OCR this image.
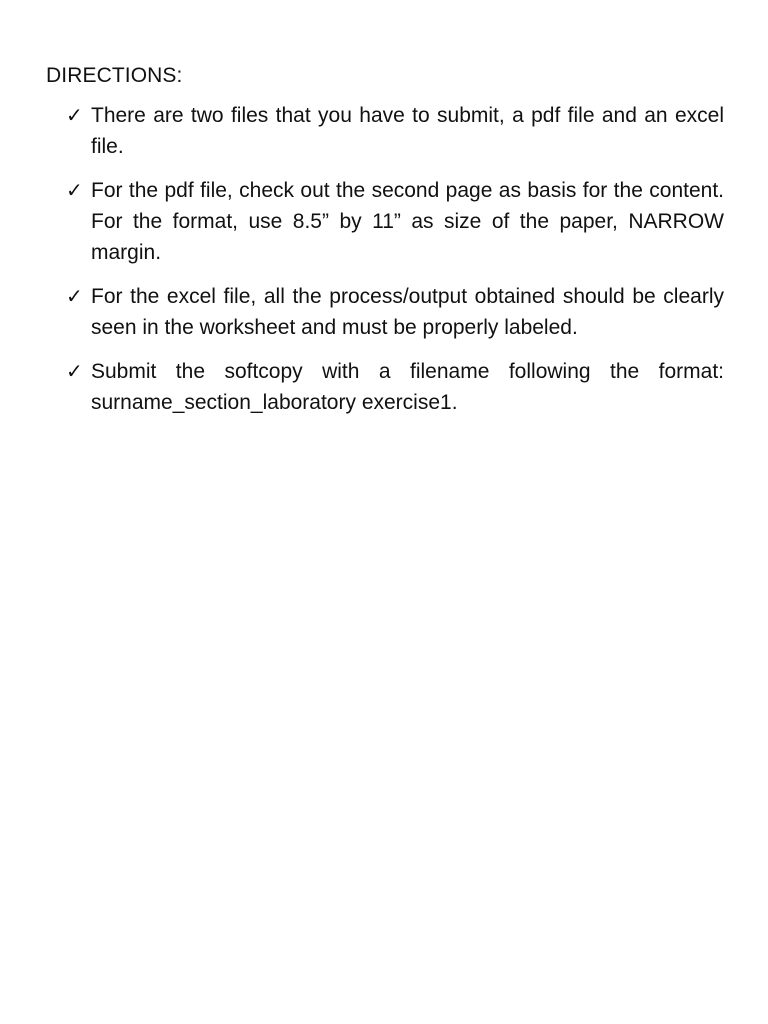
DIRECTIONS:
✓ There are two files that you have to submit, a pdf file and an excel file.
✓ For the pdf file, check out the second page as basis for the content. For the format, use 8.5” by 11” as size of the paper, NARROW margin.
✓ For the excel file, all the process/output obtained should be clearly seen in the worksheet and must be properly labeled.
✓ Submit the softcopy with a filename following the format: surname_section_laboratory exercise1.
